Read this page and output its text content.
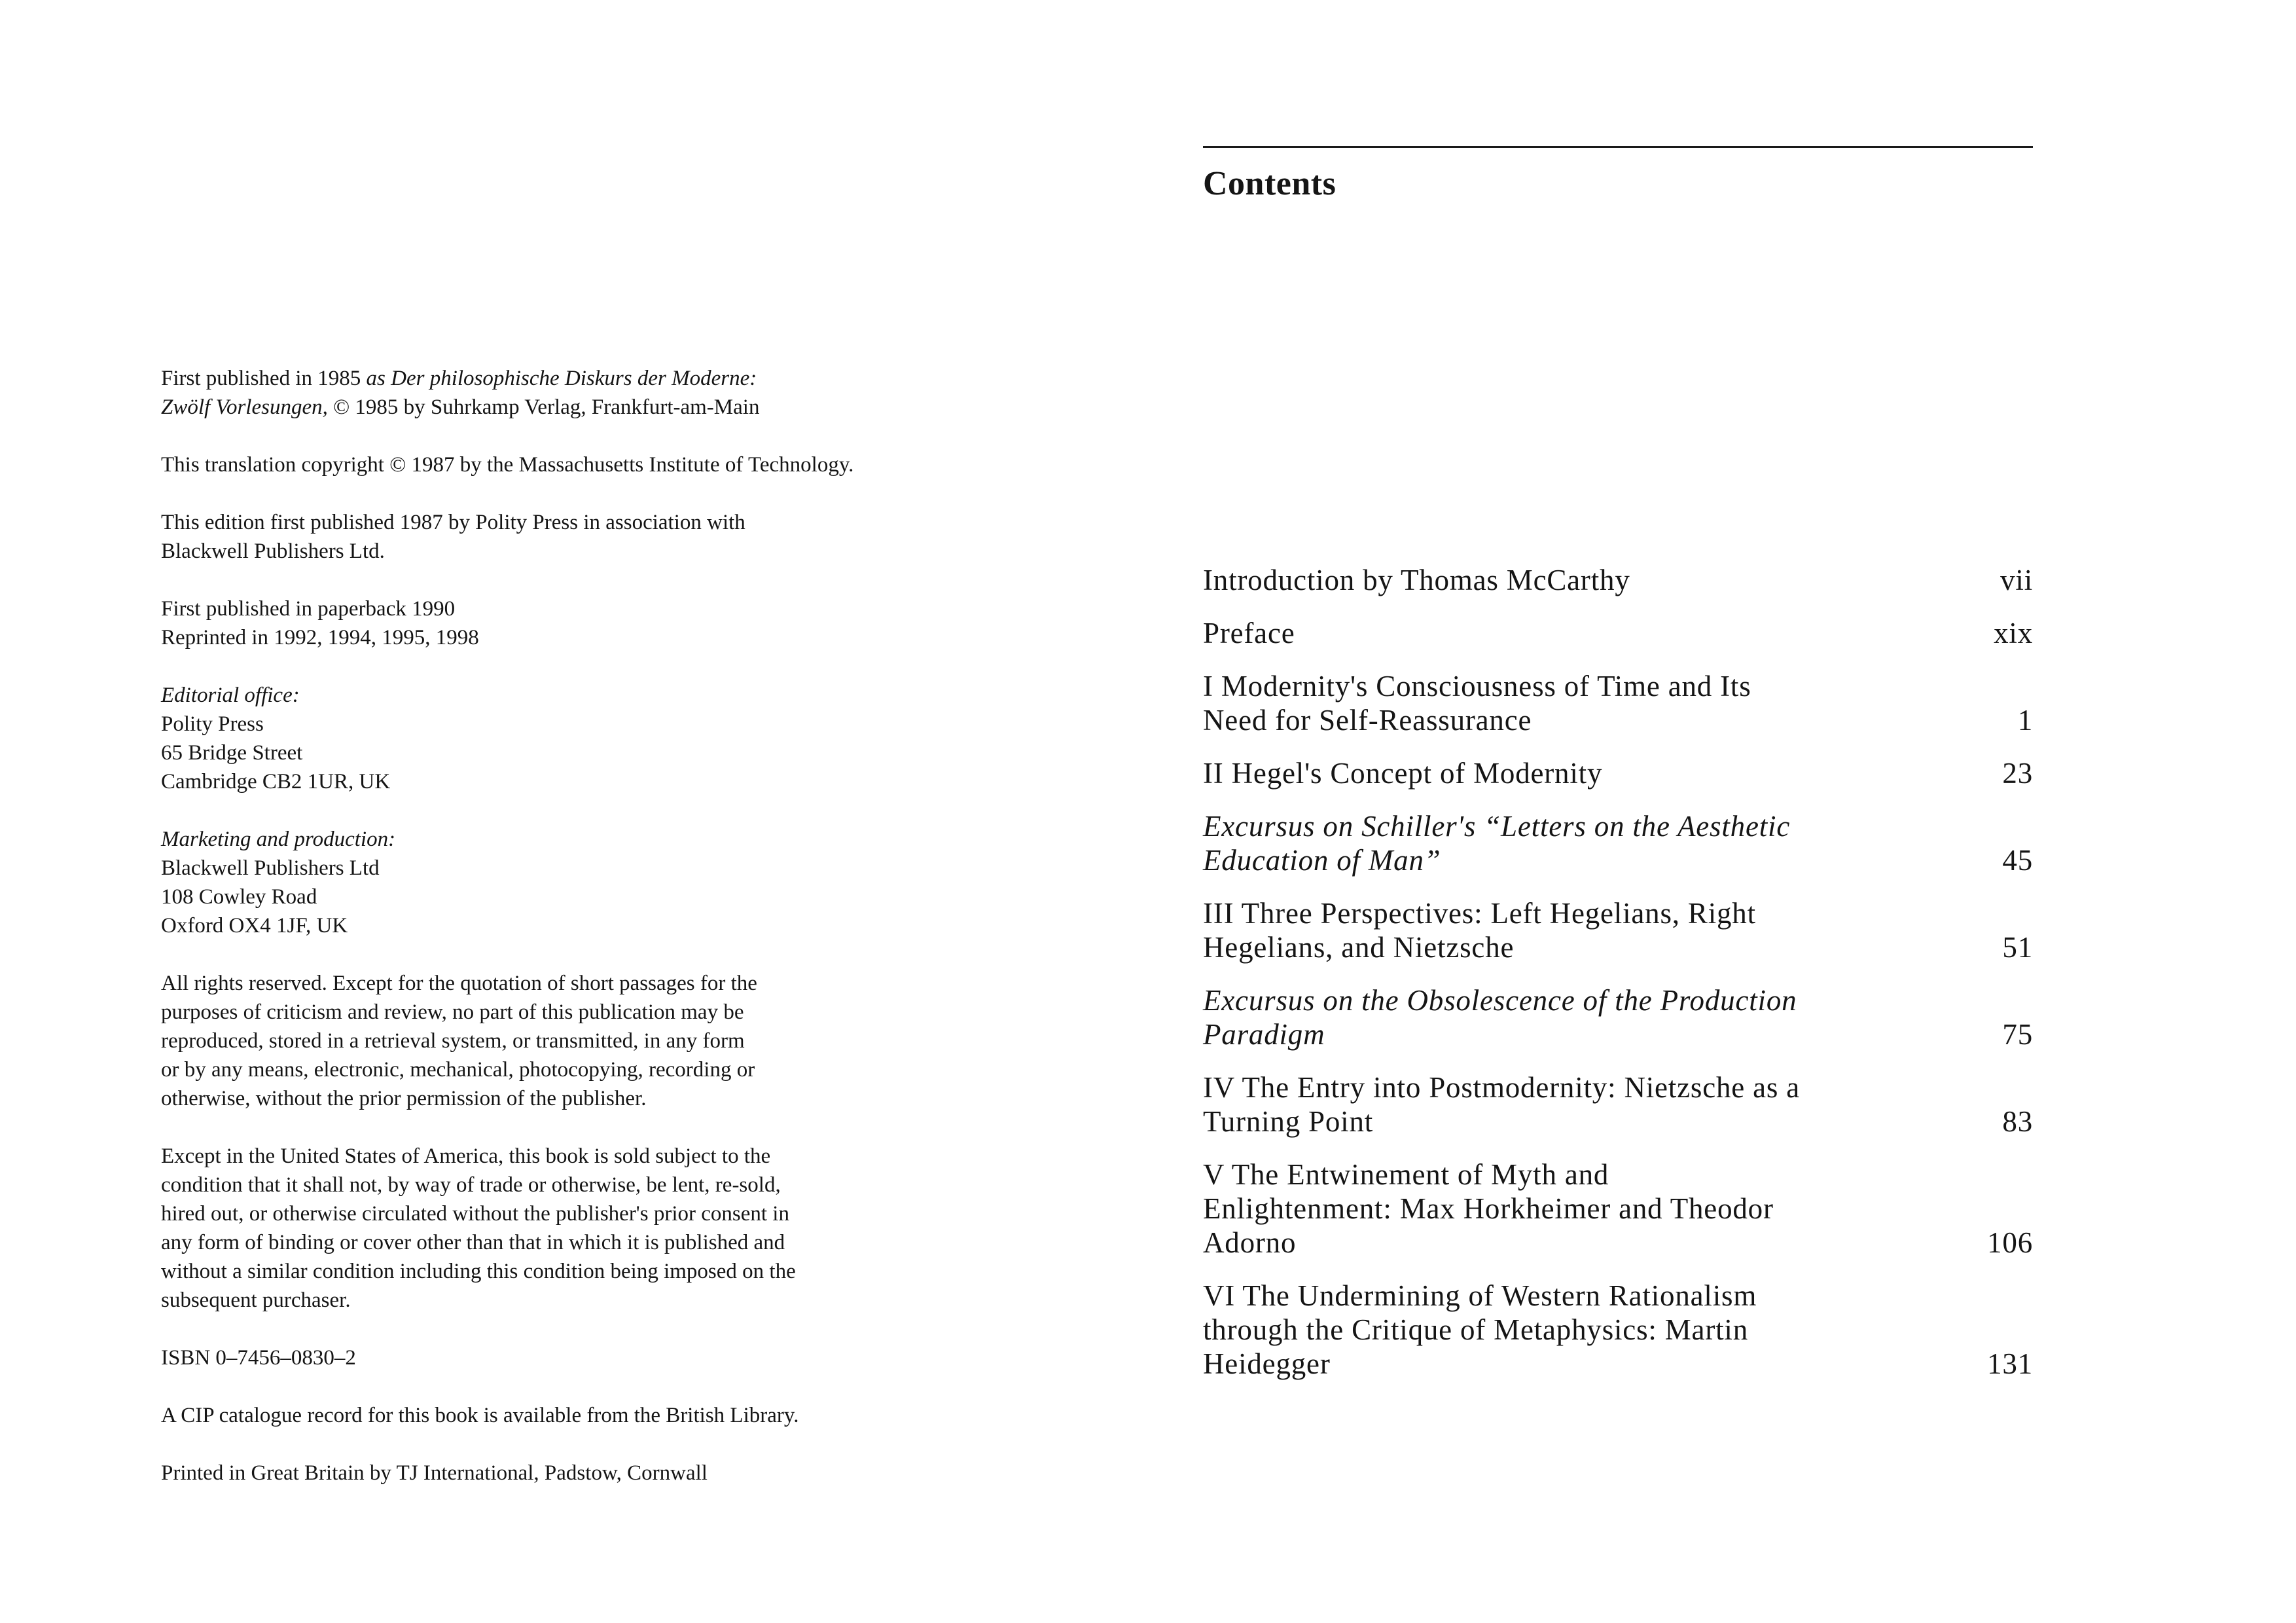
First published in 1985 as Der philosophische Diskurs der Moderne:

Zwölf Vorlesungen, © 1985 by Suhrkamp Verlag, Frankfurt-am-Main

This translation copyright © 1987 by the Massachusetts Institute of Technology.

This edition first published 1987 by Polity Press in association with

Blackwell Publishers Ltd.

First published in paperback 1990

Reprinted in 1992, 1994, 1995, 1998

Editorial office:

Polity Press

65 Bridge Street

Cambridge CB2 1UR, UK

Marketing and production:

Blackwell Publishers Ltd

108 Cowley Road

Oxford OX4 1JF, UK

All rights reserved. Except for the quotation of short passages for the

purposes of criticism and review, no part of this publication may be

reproduced, stored in a retrieval system, or transmitted, in any form

or by any means, electronic, mechanical, photocopying, recording or

otherwise, without the prior permission of the publisher.

Except in the United States of America, this book is sold subject to the

condition that it shall not, by way of trade or otherwise, be lent, re-sold,

hired out, or otherwise circulated without the publisher's prior consent in

any form of binding or cover other than that in which it is published and

without a similar condition including this condition being imposed on the

subsequent purchaser.

ISBN 0–7456–0830–2

A CIP catalogue record for this book is available from the British Library.

Printed in Great Britain by TJ International, Padstow, Cornwall

Contents
Introduction by Thomas McCarthy	vii
Preface	xix
I Modernity's Consciousness of Time and Its
Need for Self-Reassurance	1
II Hegel's Concept of Modernity	23
Excursus on Schiller's “Letters on the Aesthetic
Education of Man”	45
III Three Perspectives: Left Hegelians, Right
Hegelians, and Nietzsche	51
Excursus on the Obsolescence of the Production
Paradigm	75
IV The Entry into Postmodernity: Nietzsche as a
Turning Point	83
V The Entwinement of Myth and
Enlightenment: Max Horkheimer and Theodor
Adorno	106
VI The Undermining of Western Rationalism
through the Critique of Metaphysics: Martin
Heidegger	131
